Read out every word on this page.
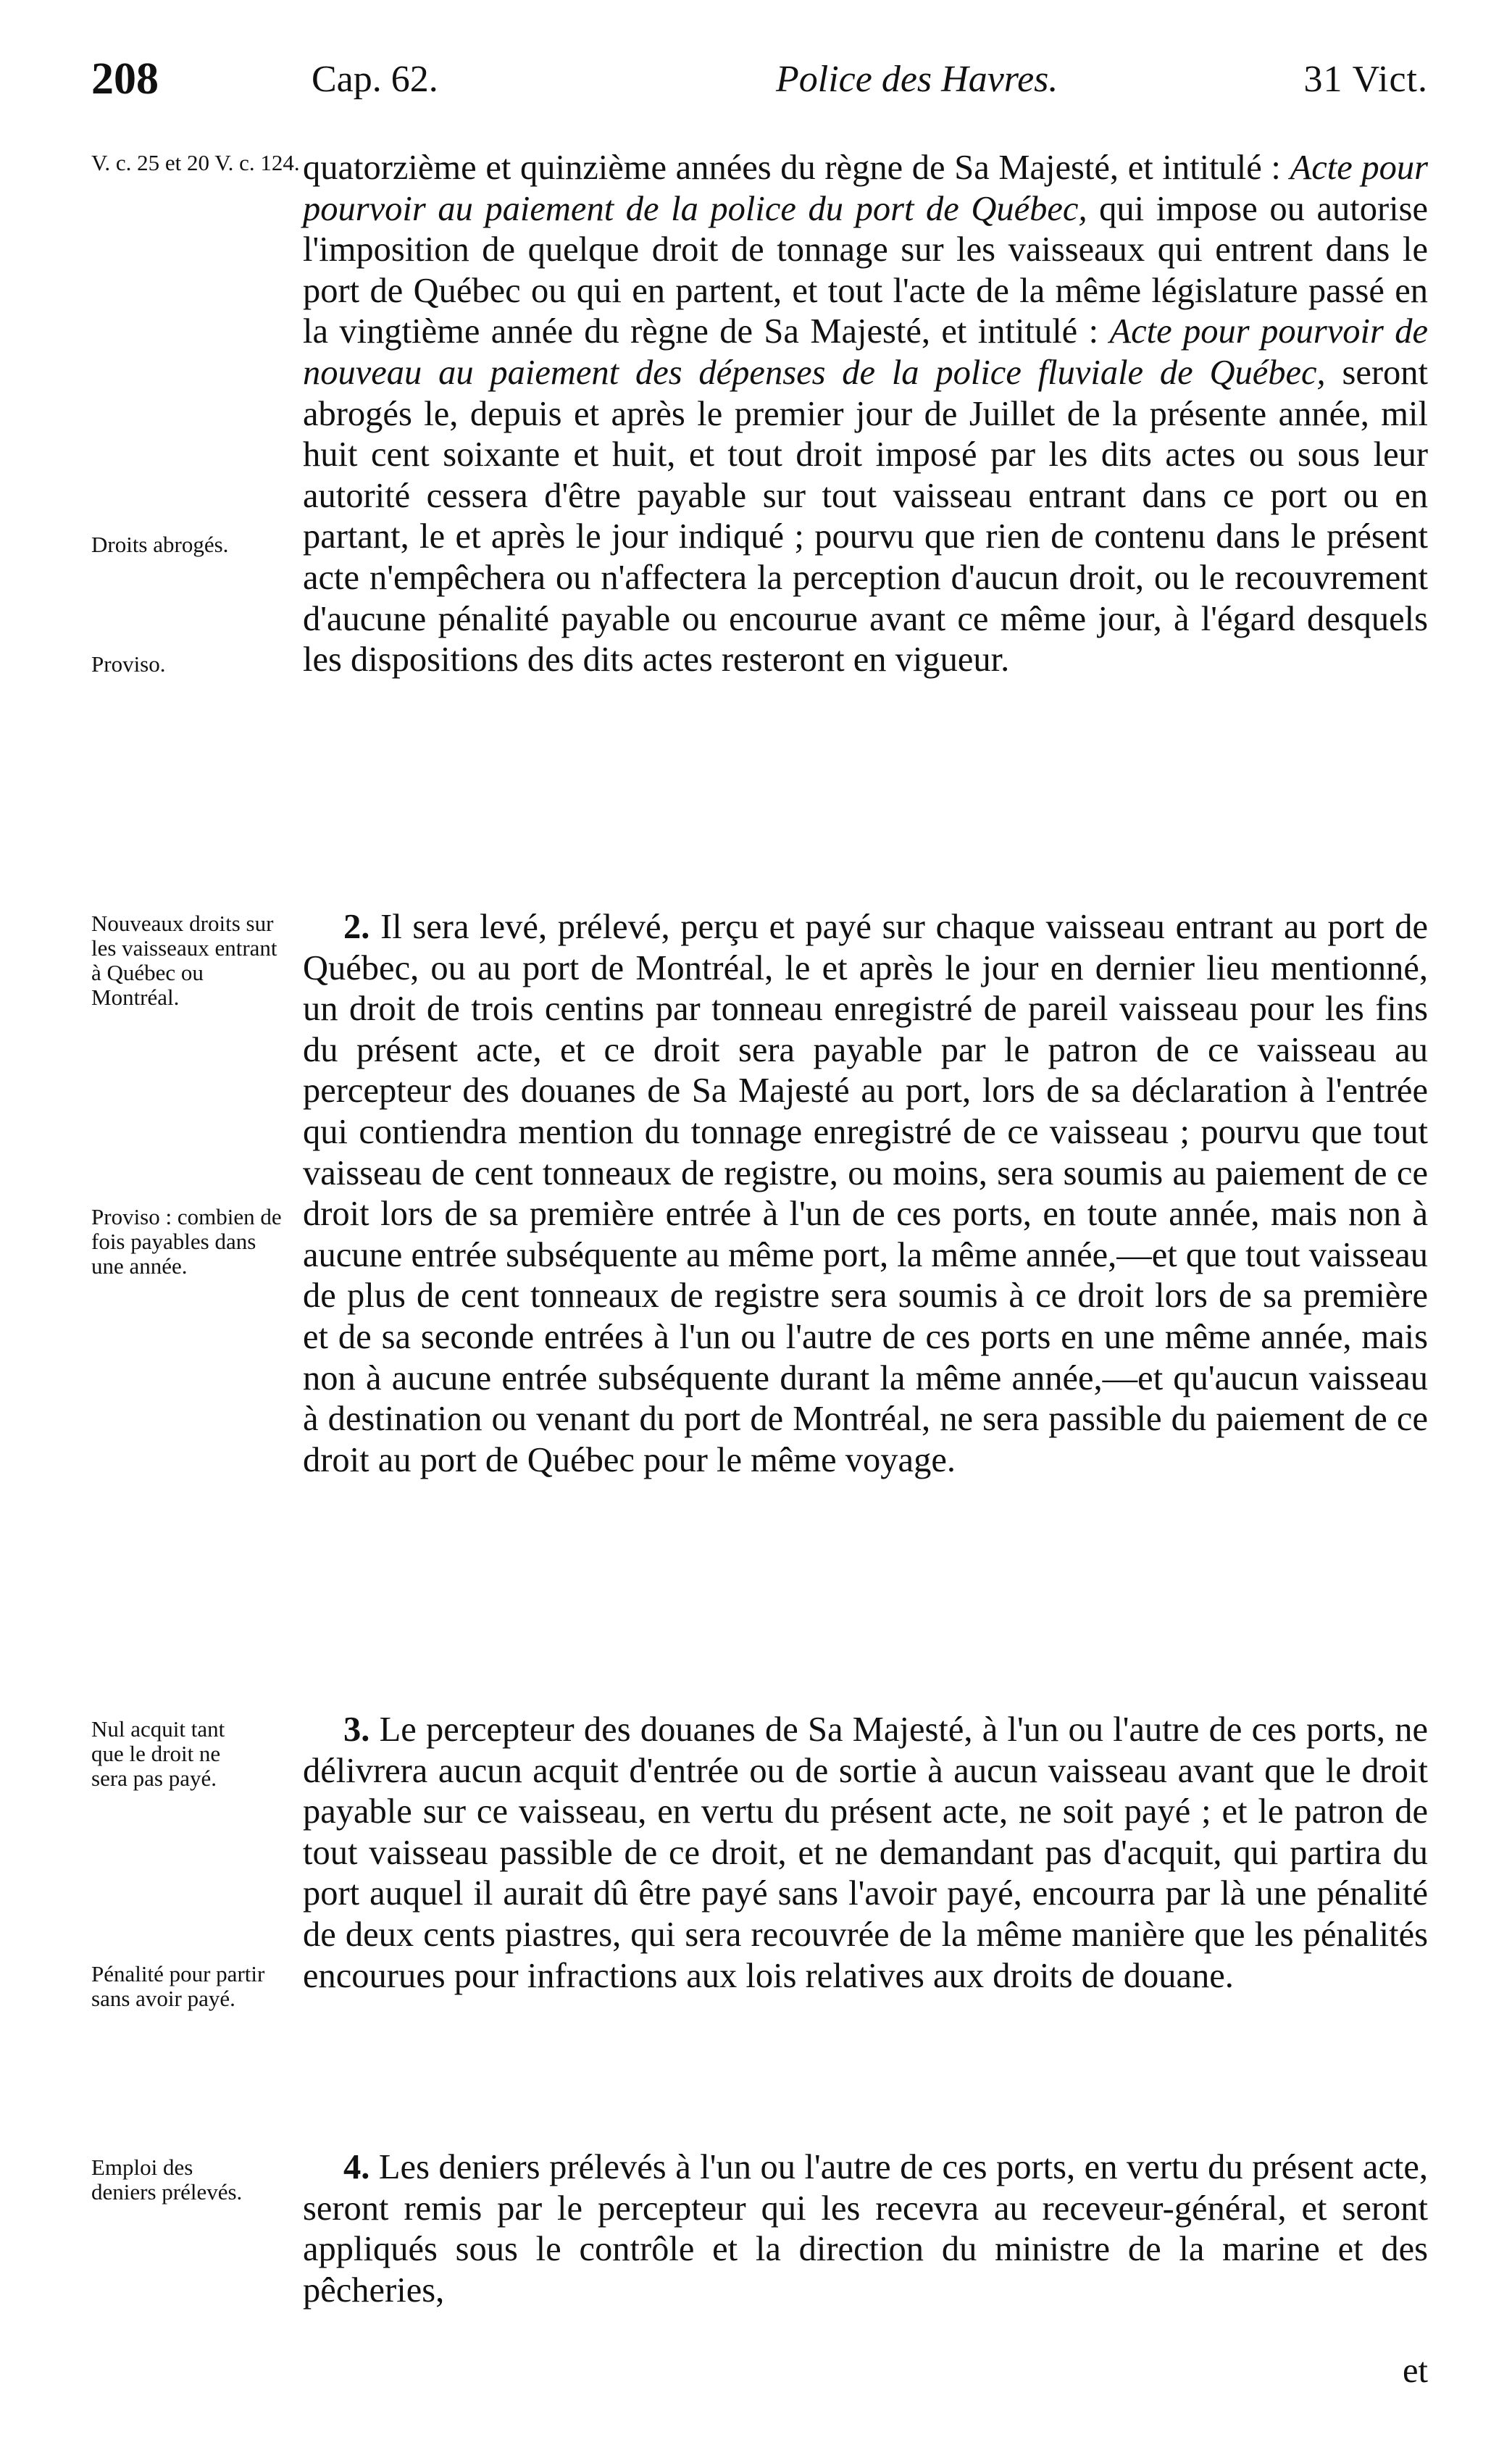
208	Cap. 62.	Police des Havres.	31 Vict.
V. c. 25 et 20 V. c. 124.
Droits abrogés.
Proviso.
Nouveaux droits sur les vaisseaux entrant à Québec ou Montréal.
Proviso : combien de fois payables dans une année.
Nul acquit tant que le droit ne sera pas payé.
Pénalité pour partir sans avoir payé.
Emploi des deniers prélevés.

quatorzième et quinzième années du règne de Sa Majesté, et intitulé : Acte pour pourvoir au paiement de la police du port de Québec, qui impose ou autorise l'imposition de quelque droit de tonnage sur les vaisseaux qui entrent dans le port de Québec ou qui en partent, et tout l'acte de la même législature passé en la vingtième année du règne de Sa Majesté, et intitulé : Acte pour pourvoir de nouveau au paiement des dépenses de la police fluviale de Québec, seront abrogés le, depuis et après le premier jour de Juillet de la présente année, mil huit cent soixante et huit, et tout droit imposé par les dits actes ou sous leur autorité cessera d'être payable sur tout vaisseau entrant dans ce port ou en partant, le et après le jour indiqué ; pourvu que rien de contenu dans le présent acte n'empêchera ou n'affectera la perception d'aucun droit, ou le recouvrement d'aucune pénalité payable ou encourue avant ce même jour, à l'égard desquels les dispositions des dits actes resteront en vigueur.

2. Il sera levé, prélevé, perçu et payé sur chaque vaisseau entrant au port de Québec, ou au port de Montréal, le et après le jour en dernier lieu mentionné, un droit de trois centins par tonneau enregistré de pareil vaisseau pour les fins du présent acte, et ce droit sera payable par le patron de ce vaisseau au percepteur des douanes de Sa Majesté au port, lors de sa déclaration à l'entrée qui contiendra mention du tonnage enregistré de ce vaisseau ; pourvu que tout vaisseau de cent tonneaux de registre, ou moins, sera soumis au paiement de ce droit lors de sa première entrée à l'un de ces ports, en toute année, mais non à aucune entrée subséquente au même port, la même année,—et que tout vaisseau de plus de cent tonneaux de registre sera soumis à ce droit lors de sa première et de sa seconde entrées à l'un ou l'autre de ces ports en une même année, mais non à aucune entrée subséquente durant la même année,—et qu'aucun vaisseau à destination ou venant du port de Montréal, ne sera passible du paiement de ce droit au port de Québec pour le même voyage.

3. Le percepteur des douanes de Sa Majesté, à l'un ou l'autre de ces ports, ne délivrera aucun acquit d'entrée ou de sortie à aucun vaisseau avant que le droit payable sur ce vaisseau, en vertu du présent acte, ne soit payé ; et le patron de tout vaisseau passible de ce droit, et ne demandant pas d'acquit, qui partira du port auquel il aurait dû être payé sans l'avoir payé, encourra par là une pénalité de deux cents piastres, qui sera recouvrée de la même manière que les pénalités encourues pour infractions aux lois relatives aux droits de douane.

4. Les deniers prélevés à l'un ou l'autre de ces ports, en vertu du présent acte, seront remis par le percepteur qui les recevra au receveur-général, et seront appliqués sous le contrôle et la direction du ministre de la marine et des pêcheries,

et
